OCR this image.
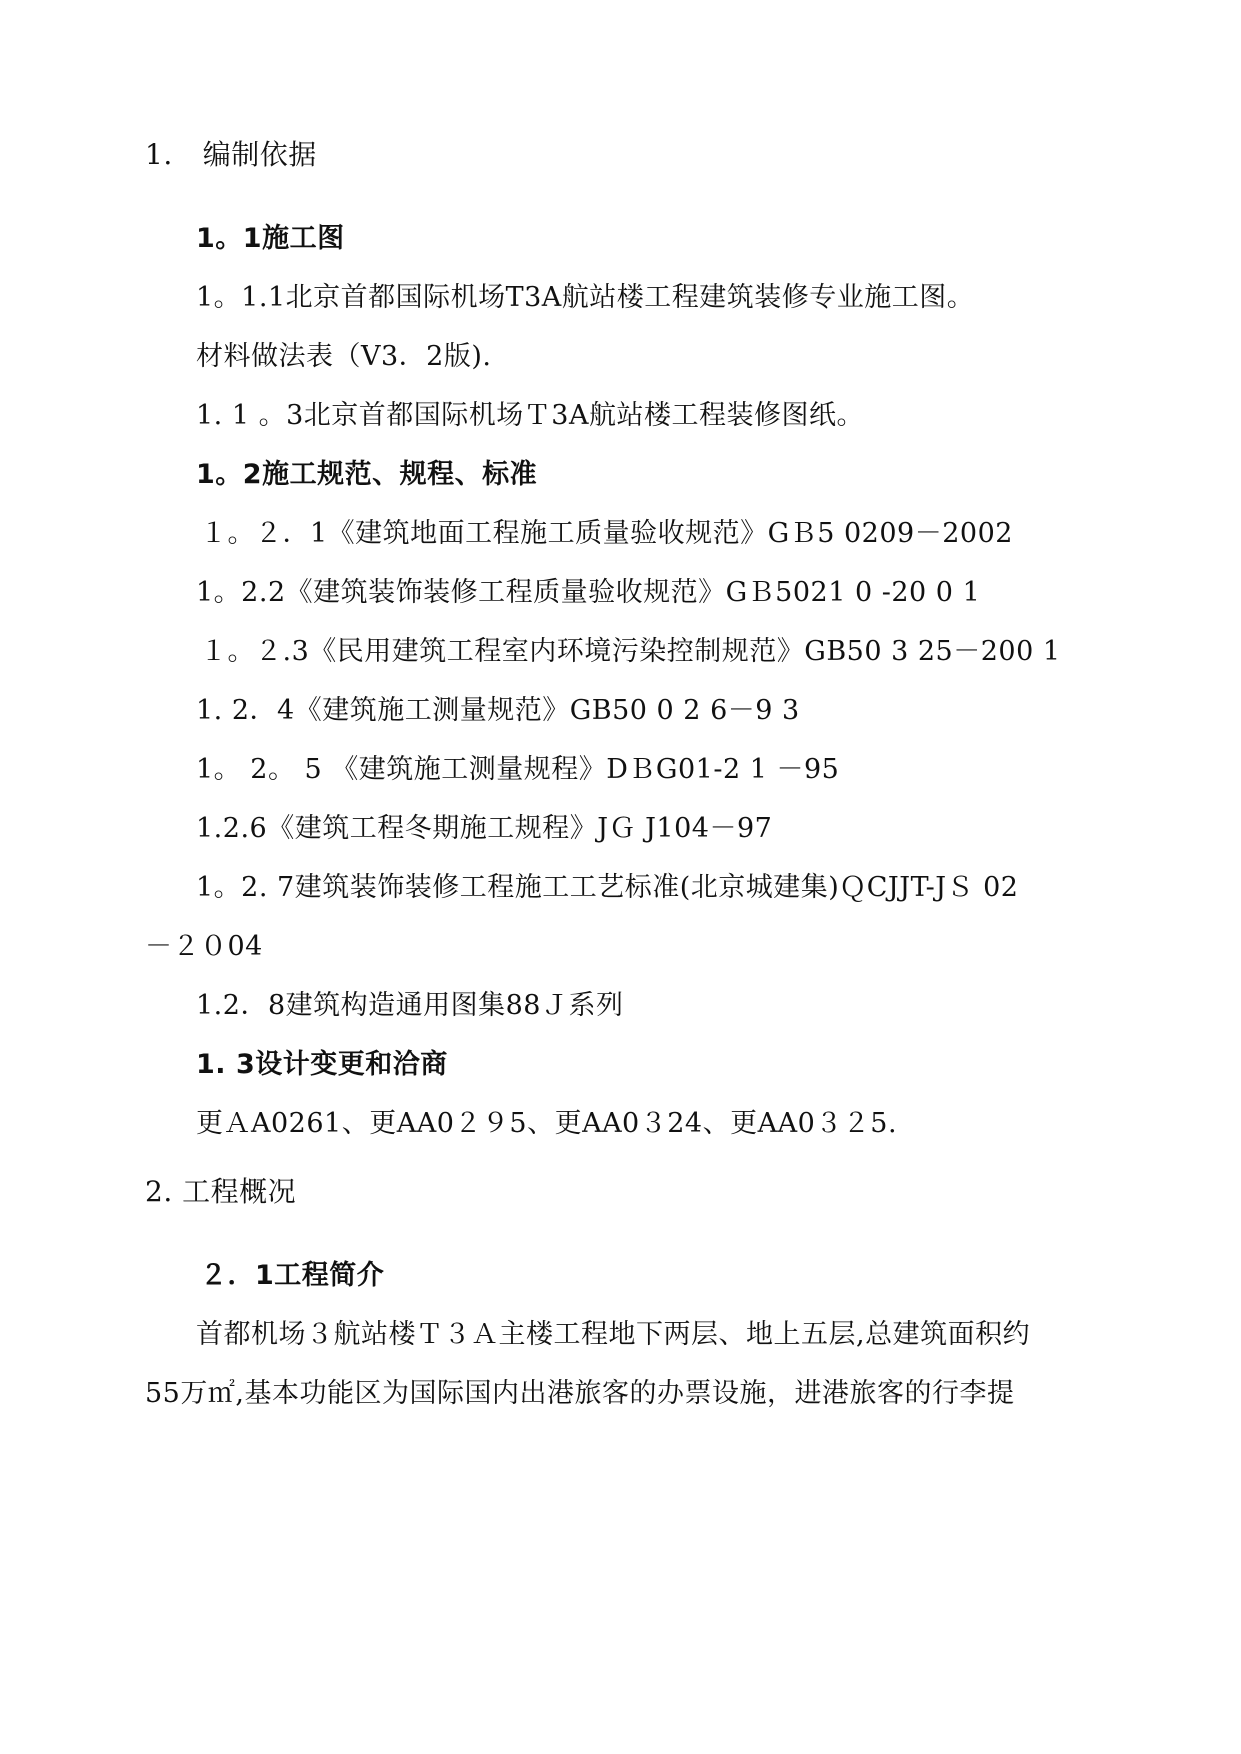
1. 编制依据
1。1施工图
1。1.1北京首都国际机场T3A航站楼工程建筑装修专业施工图。
材料做法表（V3．2版).
1. 1 。3北京首都国际机场Ｔ3A航站楼工程装修图纸。
1。2施工规范、规程、标准
１。２．1《建筑地面工程施工质量验收规范》GＢ5 0209－2002
1。2.2《建筑装饰装修工程质量验收规范》GＢ5021 0 -20 0 1
１。２.3《民用建筑工程室内环境污染控制规范》GB50 3 25－200 1
1. 2．4《建筑施工测量规范》GB50 0 2 6－9 3
1。 2。 5 《建筑施工测量规程》DＢG01-2 1 －95
1.2.6《建筑工程冬期施工规程》JＧ J104－97
1。2. 7建筑装饰装修工程施工工艺标准(北京城建集)ＱCJJT-JＳ 02
－２０04
1.2．8建筑构造通用图集88Ｊ系列
1. 3设计变更和洽商
更ＡA0261、更AA0２９5、更AA0３24、更AA0３２5.
2. 工程概况
２．1工程简介
首都机场３航站楼Ｔ３Ａ主楼工程地下两层、地上五层,总建筑面积约
55万㎡,基本功能区为国际国内出港旅客的办票设施，进港旅客的行李提
